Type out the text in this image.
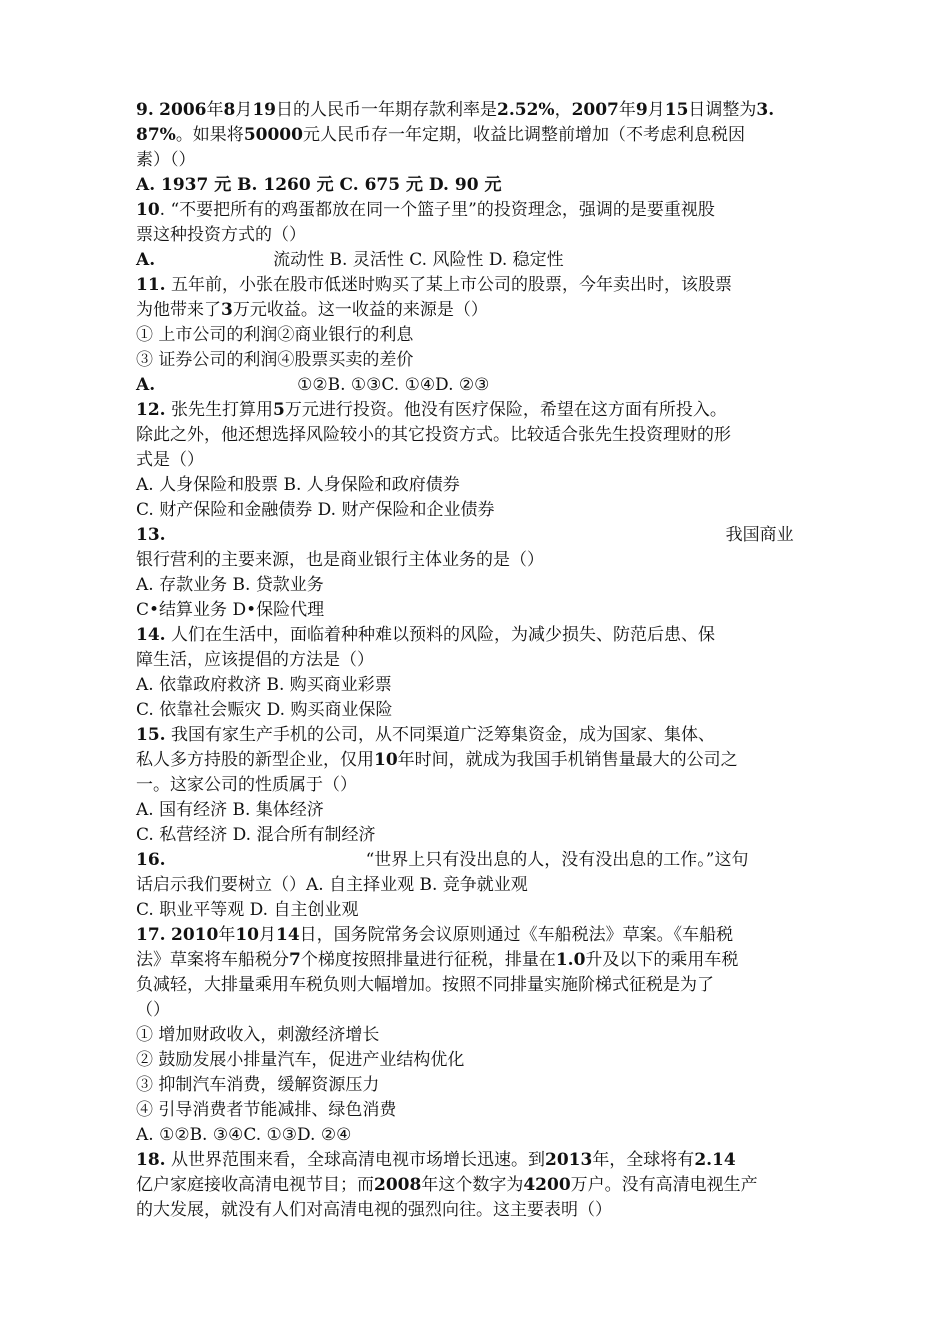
9. 2006年8月19日的人民币一年期存款利率是2.52%，2007年9月15日调整为3.
87%。如果将50000元人民币存一年定期，收益比调整前增加（不考虑利息税因
素）（）
A. 1937 元 B. 1260 元 C. 675 元 D. 90 元
10. “不要把所有的鸡蛋都放在同一个篮子里”的投资理念，强调的是要重视股
票这种投资方式的（）
A.	流动性 B. 灵活性 C. 风险性 D. 稳定性
11. 五年前，小张在股市低迷时购买了某上市公司的股票，今年卖出时，该股票
为他带来了3万元收益。这一收益的来源是（）
① 上市公司的利润②商业银行的利息
③ 证券公司的利润④股票买卖的差价
A.	①②B. ①③C. ①④D. ②③
12. 张先生打算用5万元进行投资。他没有医疗保险，希望在这方面有所投入。
除此之外，他还想选择风险较小的其它投资方式。比较适合张先生投资理财的形
式是（）
A. 人身保险和股票 B. 人身保险和政府债券
C. 财产保险和金融债券 D. 财产保险和企业债券
13.	我国商业
银行营利的主要来源，也是商业银行主体业务的是（）
A. 存款业务 B. 贷款业务
C•结算业务 D•保险代理
14. 人们在生活中，面临着种种难以预料的风险，为减少损失、防范后患、保
障生活，应该提倡的方法是（）
A. 依靠政府救济 B. 购买商业彩票
C. 依靠社会赈灾 D. 购买商业保险
15. 我国有家生产手机的公司，从不同渠道广泛筹集资金，成为国家、集体、
私人多方持股的新型企业，仅用10年时间，就成为我国手机销售量最大的公司之
一。这家公司的性质属于（）
A. 国有经济 B. 集体经济
C. 私营经济 D. 混合所有制经济
16.	“世界上只有没出息的人，没有没出息的工作。”这句
话启示我们要树立（）A. 自主择业观 B. 竞争就业观
C. 职业平等观 D. 自主创业观
17. 2010年10月14日，国务院常务会议原则通过《车船税法》草案。《车船税
法》草案将车船税分7个梯度按照排量进行征税，排量在1.0升及以下的乘用车税
负减轻，大排量乘用车税负则大幅增加。按照不同排量实施阶梯式征税是为了
（）
① 增加财政收入，刺激经济增长
② 鼓励发展小排量汽车，促进产业结构优化
③ 抑制汽车消费，缓解资源压力
④ 引导消费者节能减排、绿色消费
A. ①②B. ③④C. ①③D. ②④
18. 从世界范围来看，全球高清电视市场增长迅速。到2013年，全球将有2.14
亿户家庭接收高清电视节目；而2008年这个数字为4200万户。没有高清电视生产
的大发展，就没有人们对高清电视的强烈向往。这主要表明（）
